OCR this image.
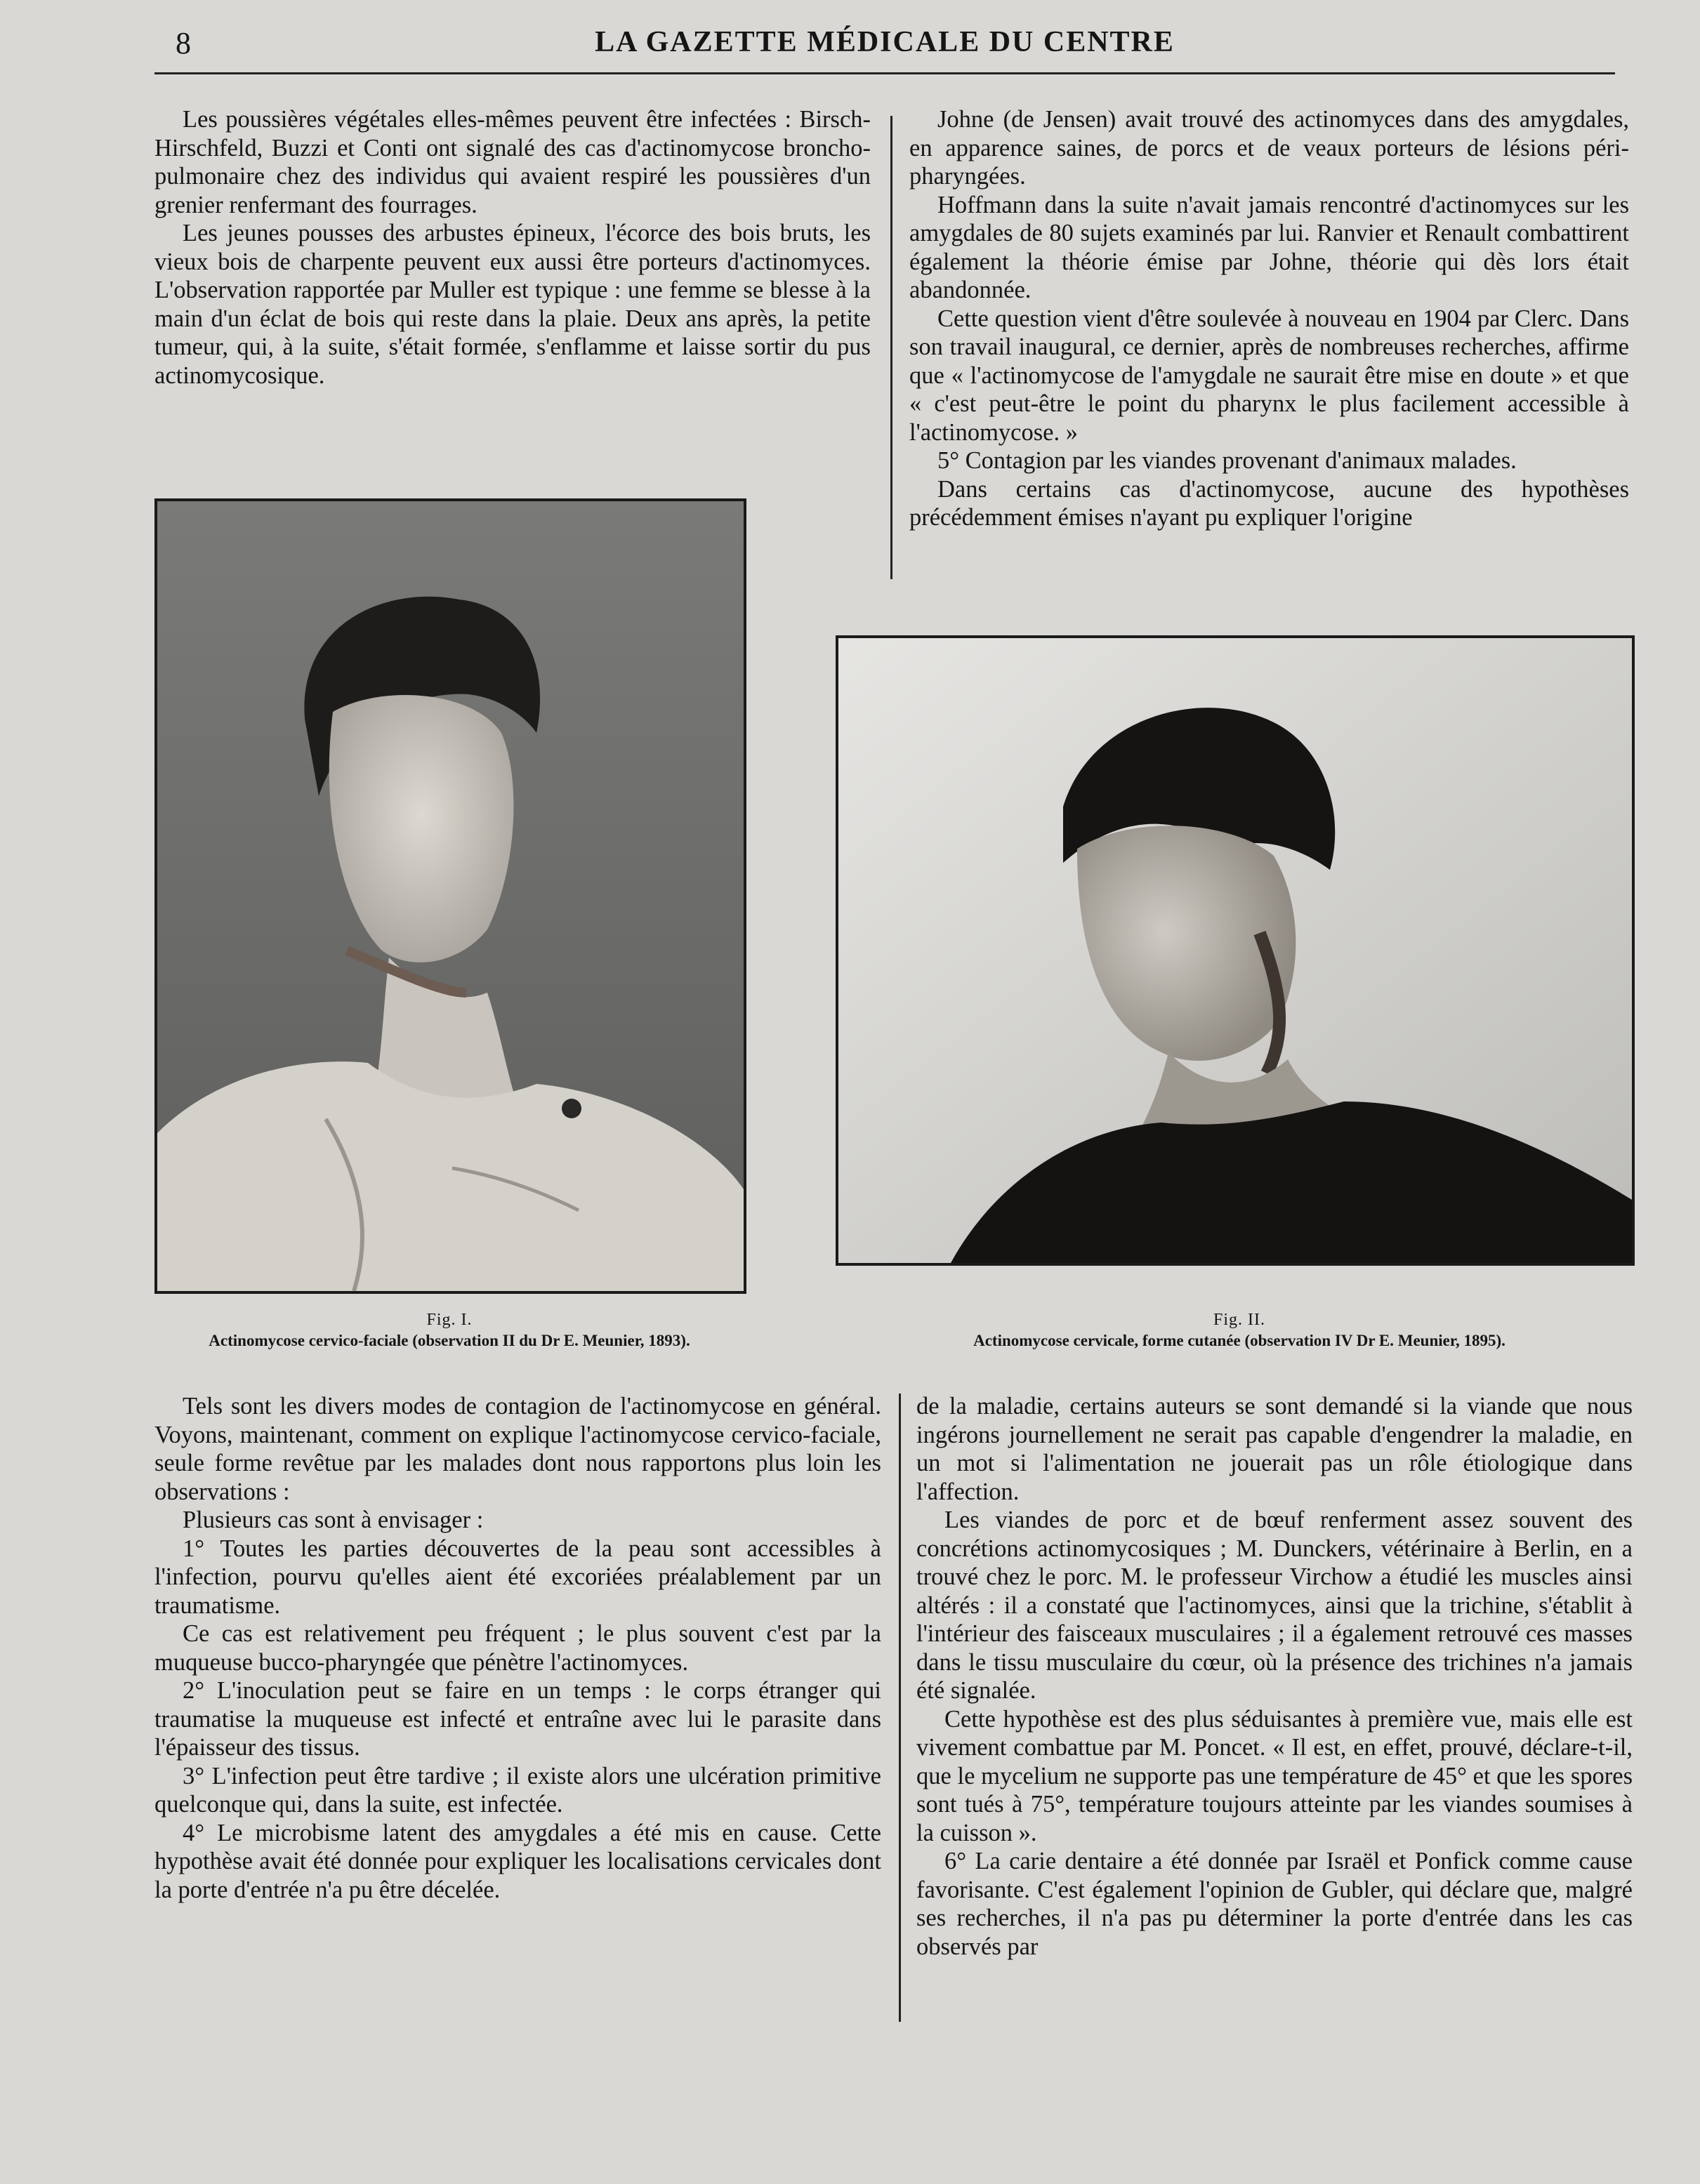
8	LA GAZETTE MÉDICALE DU CENTRE

Les poussières végétales elles-mêmes peuvent être infectées : Birsch-Hirschfeld, Buzzi et Conti ont signalé des cas d'actinomycose broncho-pulmonaire chez des individus qui avaient respiré les poussières d'un grenier renfermant des fourrages.

Les jeunes pousses des arbustes épineux, l'écorce des bois bruts, les vieux bois de charpente peuvent eux aussi être porteurs d'actinomyces. L'observation rapportée par Muller est typique : une femme se blesse à la main d'un éclat de bois qui reste dans la plaie. Deux ans après, la petite tumeur, qui, à la suite, s'était formée, s'enflamme et laisse sortir du pus actinomycosique.

Johne (de Jensen) avait trouvé des actinomyces dans des amygdales, en apparence saines, de porcs et de veaux porteurs de lésions péri-pharyngées.

Hoffmann dans la suite n'avait jamais rencontré d'actinomyces sur les amygdales de 80 sujets examinés par lui. Ranvier et Renault combattirent également la théorie émise par Johne, théorie qui dès lors était abandonnée.

Cette question vient d'être soulevée à nouveau en 1904 par Clerc. Dans son travail inaugural, ce dernier, après de nombreuses recherches, affirme que « l'actinomycose de l'amygdale ne saurait être mise en doute » et que « c'est peut-être le point du pharynx le plus facilement accessible à l'actinomycose. »

5° Contagion par les viandes provenant d'animaux malades.

Dans certains cas d'actinomycose, aucune des hypothèses précédemment émises n'ayant pu expliquer l'origine

Fig. I.
Actinomycose cervico-faciale (observation II du Dr E. Meunier, 1893).
Fig. II.
Actinomycose cervicale, forme cutanée (observation IV Dr E. Meunier, 1895).

Tels sont les divers modes de contagion de l'actinomycose en général. Voyons, maintenant, comment on explique l'actinomycose cervico-faciale, seule forme revêtue par les malades dont nous rapportons plus loin les observations :

Plusieurs cas sont à envisager :

1° Toutes les parties découvertes de la peau sont accessibles à l'infection, pourvu qu'elles aient été excoriées préalablement par un traumatisme.

Ce cas est relativement peu fréquent ; le plus souvent c'est par la muqueuse bucco-pharyngée que pénètre l'actinomyces.

2° L'inoculation peut se faire en un temps : le corps étranger qui traumatise la muqueuse est infecté et entraîne avec lui le parasite dans l'épaisseur des tissus.

3° L'infection peut être tardive ; il existe alors une ulcération primitive quelconque qui, dans la suite, est infectée.

4° Le microbisme latent des amygdales a été mis en cause. Cette hypothèse avait été donnée pour expliquer les localisations cervicales dont la porte d'entrée n'a pu être décelée.

de la maladie, certains auteurs se sont demandé si la viande que nous ingérons journellement ne serait pas capable d'engendrer la maladie, en un mot si l'alimentation ne jouerait pas un rôle étiologique dans l'affection.

Les viandes de porc et de bœuf renferment assez souvent des concrétions actinomycosiques ; M. Dunckers, vétérinaire à Berlin, en a trouvé chez le porc. M. le professeur Virchow a étudié les muscles ainsi altérés : il a constaté que l'actinomyces, ainsi que la trichine, s'établit à l'intérieur des faisceaux musculaires ; il a également retrouvé ces masses dans le tissu musculaire du cœur, où la présence des trichines n'a jamais été signalée.

Cette hypothèse est des plus séduisantes à première vue, mais elle est vivement combattue par M. Poncet. « Il est, en effet, prouvé, déclare-t-il, que le mycelium ne supporte pas une température de 45° et que les spores sont tués à 75°, température toujours atteinte par les viandes soumises à la cuisson ».

6° La carie dentaire a été donnée par Israël et Ponfick comme cause favorisante. C'est également l'opinion de Gubler, qui déclare que, malgré ses recherches, il n'a pas pu déterminer la porte d'entrée dans les cas observés par
